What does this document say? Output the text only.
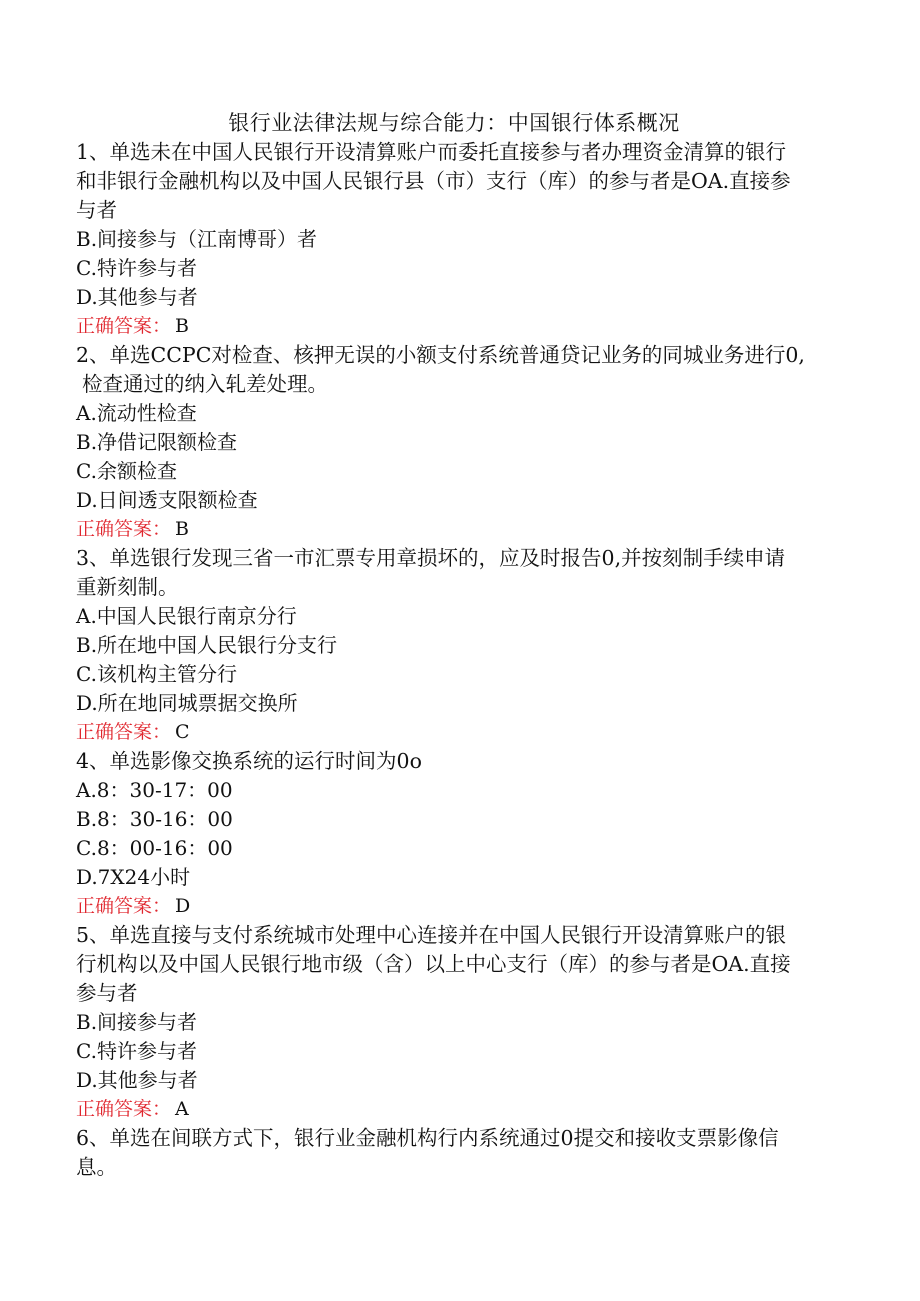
银行业法律法规与综合能力：中国银行体系概况
1、单选未在中国人民银行开设清算账户而委托直接参与者办理资金清算的银行
和非银行金融机构以及中国人民银行县（市）支行（库）的参与者是OA.直接参
与者
B.间接参与（江南博哥）者
C.特许参与者
D.其他参与者
正确答案： B
2、单选CCPC对检查、核押无误的小额支付系统普通贷记业务的同城业务进行0,
检查通过的纳入轧差处理。
A.流动性检查
B.净借记限额检查
C.余额检查
D.日间透支限额检查
正确答案： B
3、单选银行发现三省一市汇票专用章损坏的，应及时报告0,并按刻制手续申请
重新刻制。
A.中国人民银行南京分行
B.所在地中国人民银行分支行
C.该机构主管分行
D.所在地同城票据交换所
正确答案： C
4、单选影像交换系统的运行时间为0o
A.8：30-17：00
B.8：30-16：00
C.8：00-16：00
D.7X24小时
正确答案： D
5、单选直接与支付系统城市处理中心连接并在中国人民银行开设清算账户的银
行机构以及中国人民银行地市级（含）以上中心支行（库）的参与者是OA.直接
参与者
B.间接参与者
C.特许参与者
D.其他参与者
正确答案： A
6、单选在间联方式下，银行业金融机构行内系统通过0提交和接收支票影像信
息。
